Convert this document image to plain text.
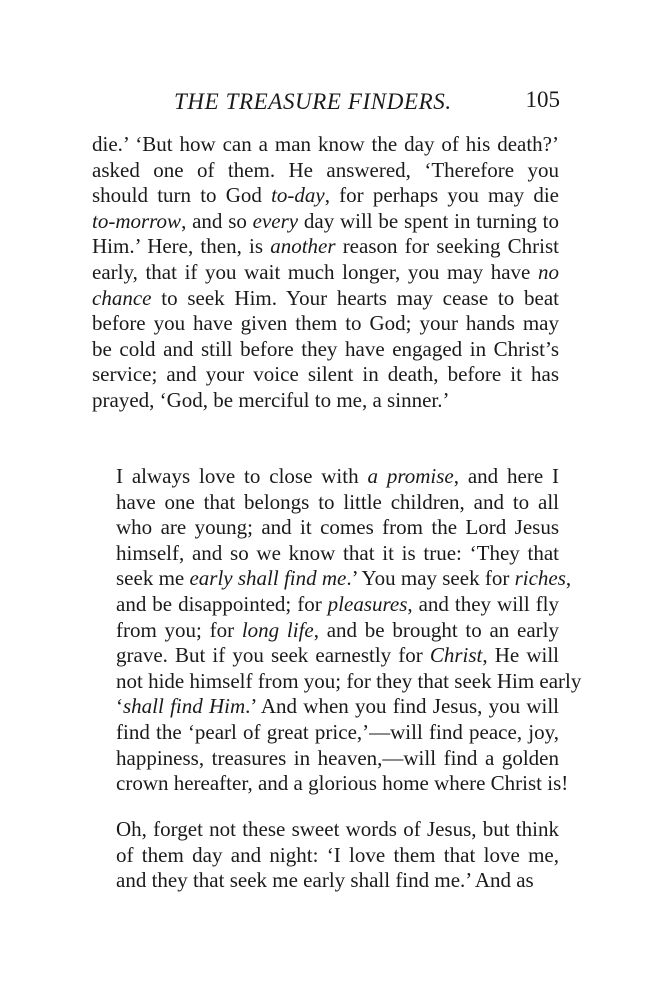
THE TREASURE FINDERS.	105
die.’ ‘But how can a man know the day of his death?’
asked one of them. He answered, ‘Therefore you
should turn to God to-day, for perhaps you may die
to-morrow, and so every day will be spent in turning to
Him.’ Here, then, is another reason for seeking Christ
early, that if you wait much longer, you may have no
chance to seek Him. Your hearts may cease to beat
before you have given them to God; your hands may
be cold and still before they have engaged in Christ’s
service; and your voice silent in death, before it has
prayed, ‘God, be merciful to me, a sinner.’
I always love to close with a promise, and here I
have one that belongs to little children, and to all
who are young; and it comes from the Lord Jesus
himself, and so we know that it is true: ‘They that
seek me early shall find me.’ You may seek for riches,
and be disappointed; for pleasures, and they will fly
from you; for long life, and be brought to an early
grave. But if you seek earnestly for Christ, He will
not hide himself from you; for they that seek Him early
‘shall find Him.’ And when you find Jesus, you will
find the ‘pearl of great price,’—will find peace, joy,
happiness, treasures in heaven,—will find a golden
crown hereafter, and a glorious home where Christ is!
Oh, forget not these sweet words of Jesus, but think
of them day and night: ‘I love them that love me,
and they that seek me early shall find me.’ And as
